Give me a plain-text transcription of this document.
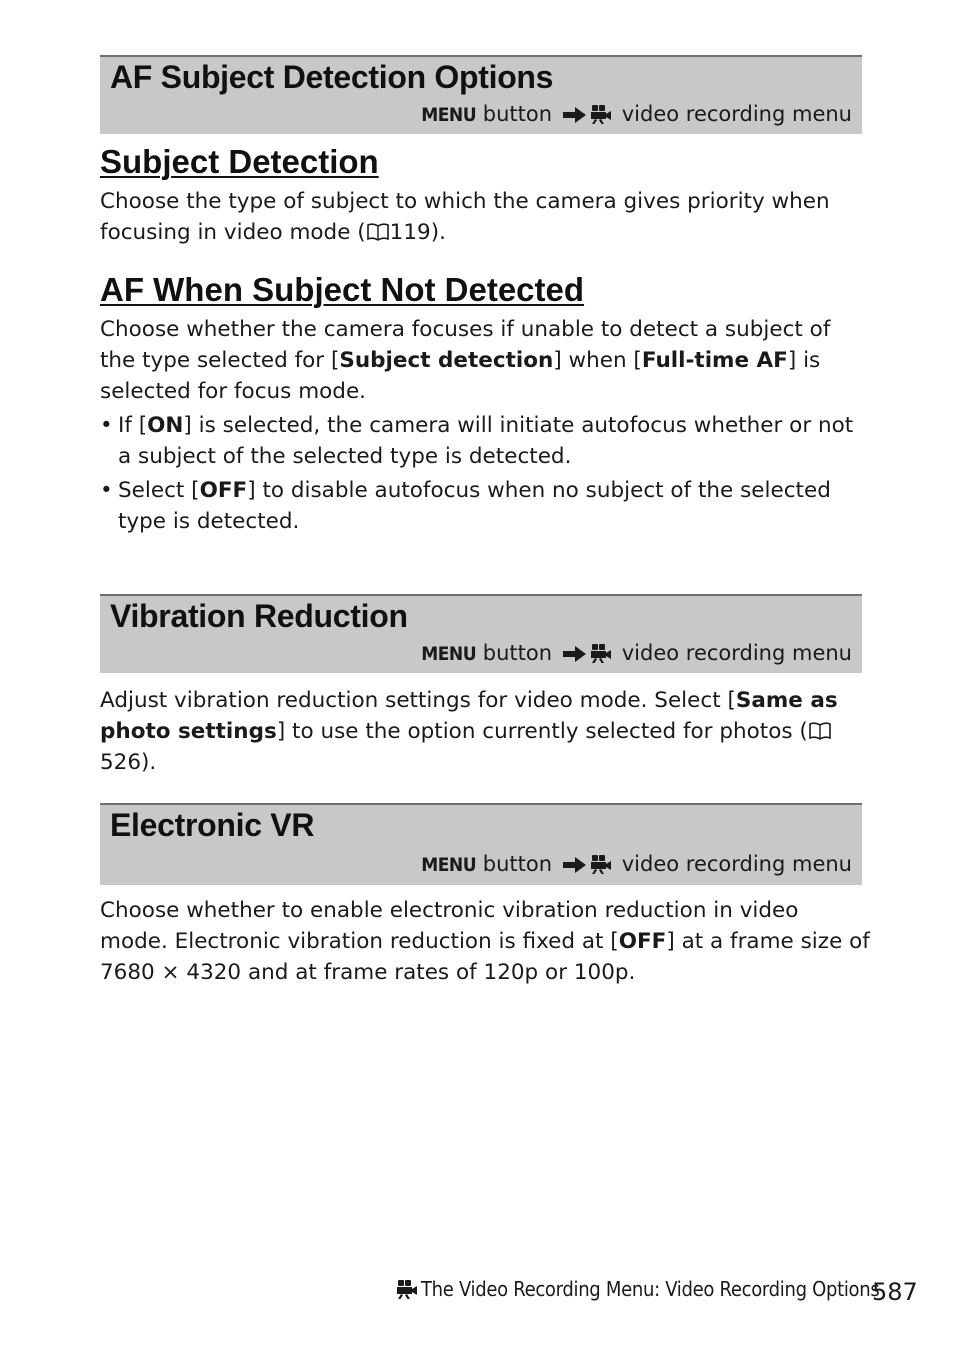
AF Subject Detection Options
MENU button	video recording menu
Subject Detection
Choose the type of subject to which the camera gives priority when focusing in video mode ( 119).
AF When Subject Not Detected
Choose whether the camera focuses if unable to detect a subject of the type selected for [Subject detection] when [Full-time AF] is selected for focus mode.
• If [ON] is selected, the camera will initiate autofocus whether or not a subject of the selected type is detected.
• Select [OFF] to disable autofocus when no subject of the selected type is detected.
Vibration Reduction
MENU button	video recording menu
Adjust vibration reduction settings for video mode. Select [Same as photo settings] to use the option currently selected for photos (526).
Electronic VR
MENU button	video recording menu
Choose whether to enable electronic vibration reduction in video mode. Electronic vibration reduction is fixed at [OFF] at a frame size of 7680 × 4320 and at frame rates of 120p or 100p.
The Video Recording Menu: Video Recording Options
587
